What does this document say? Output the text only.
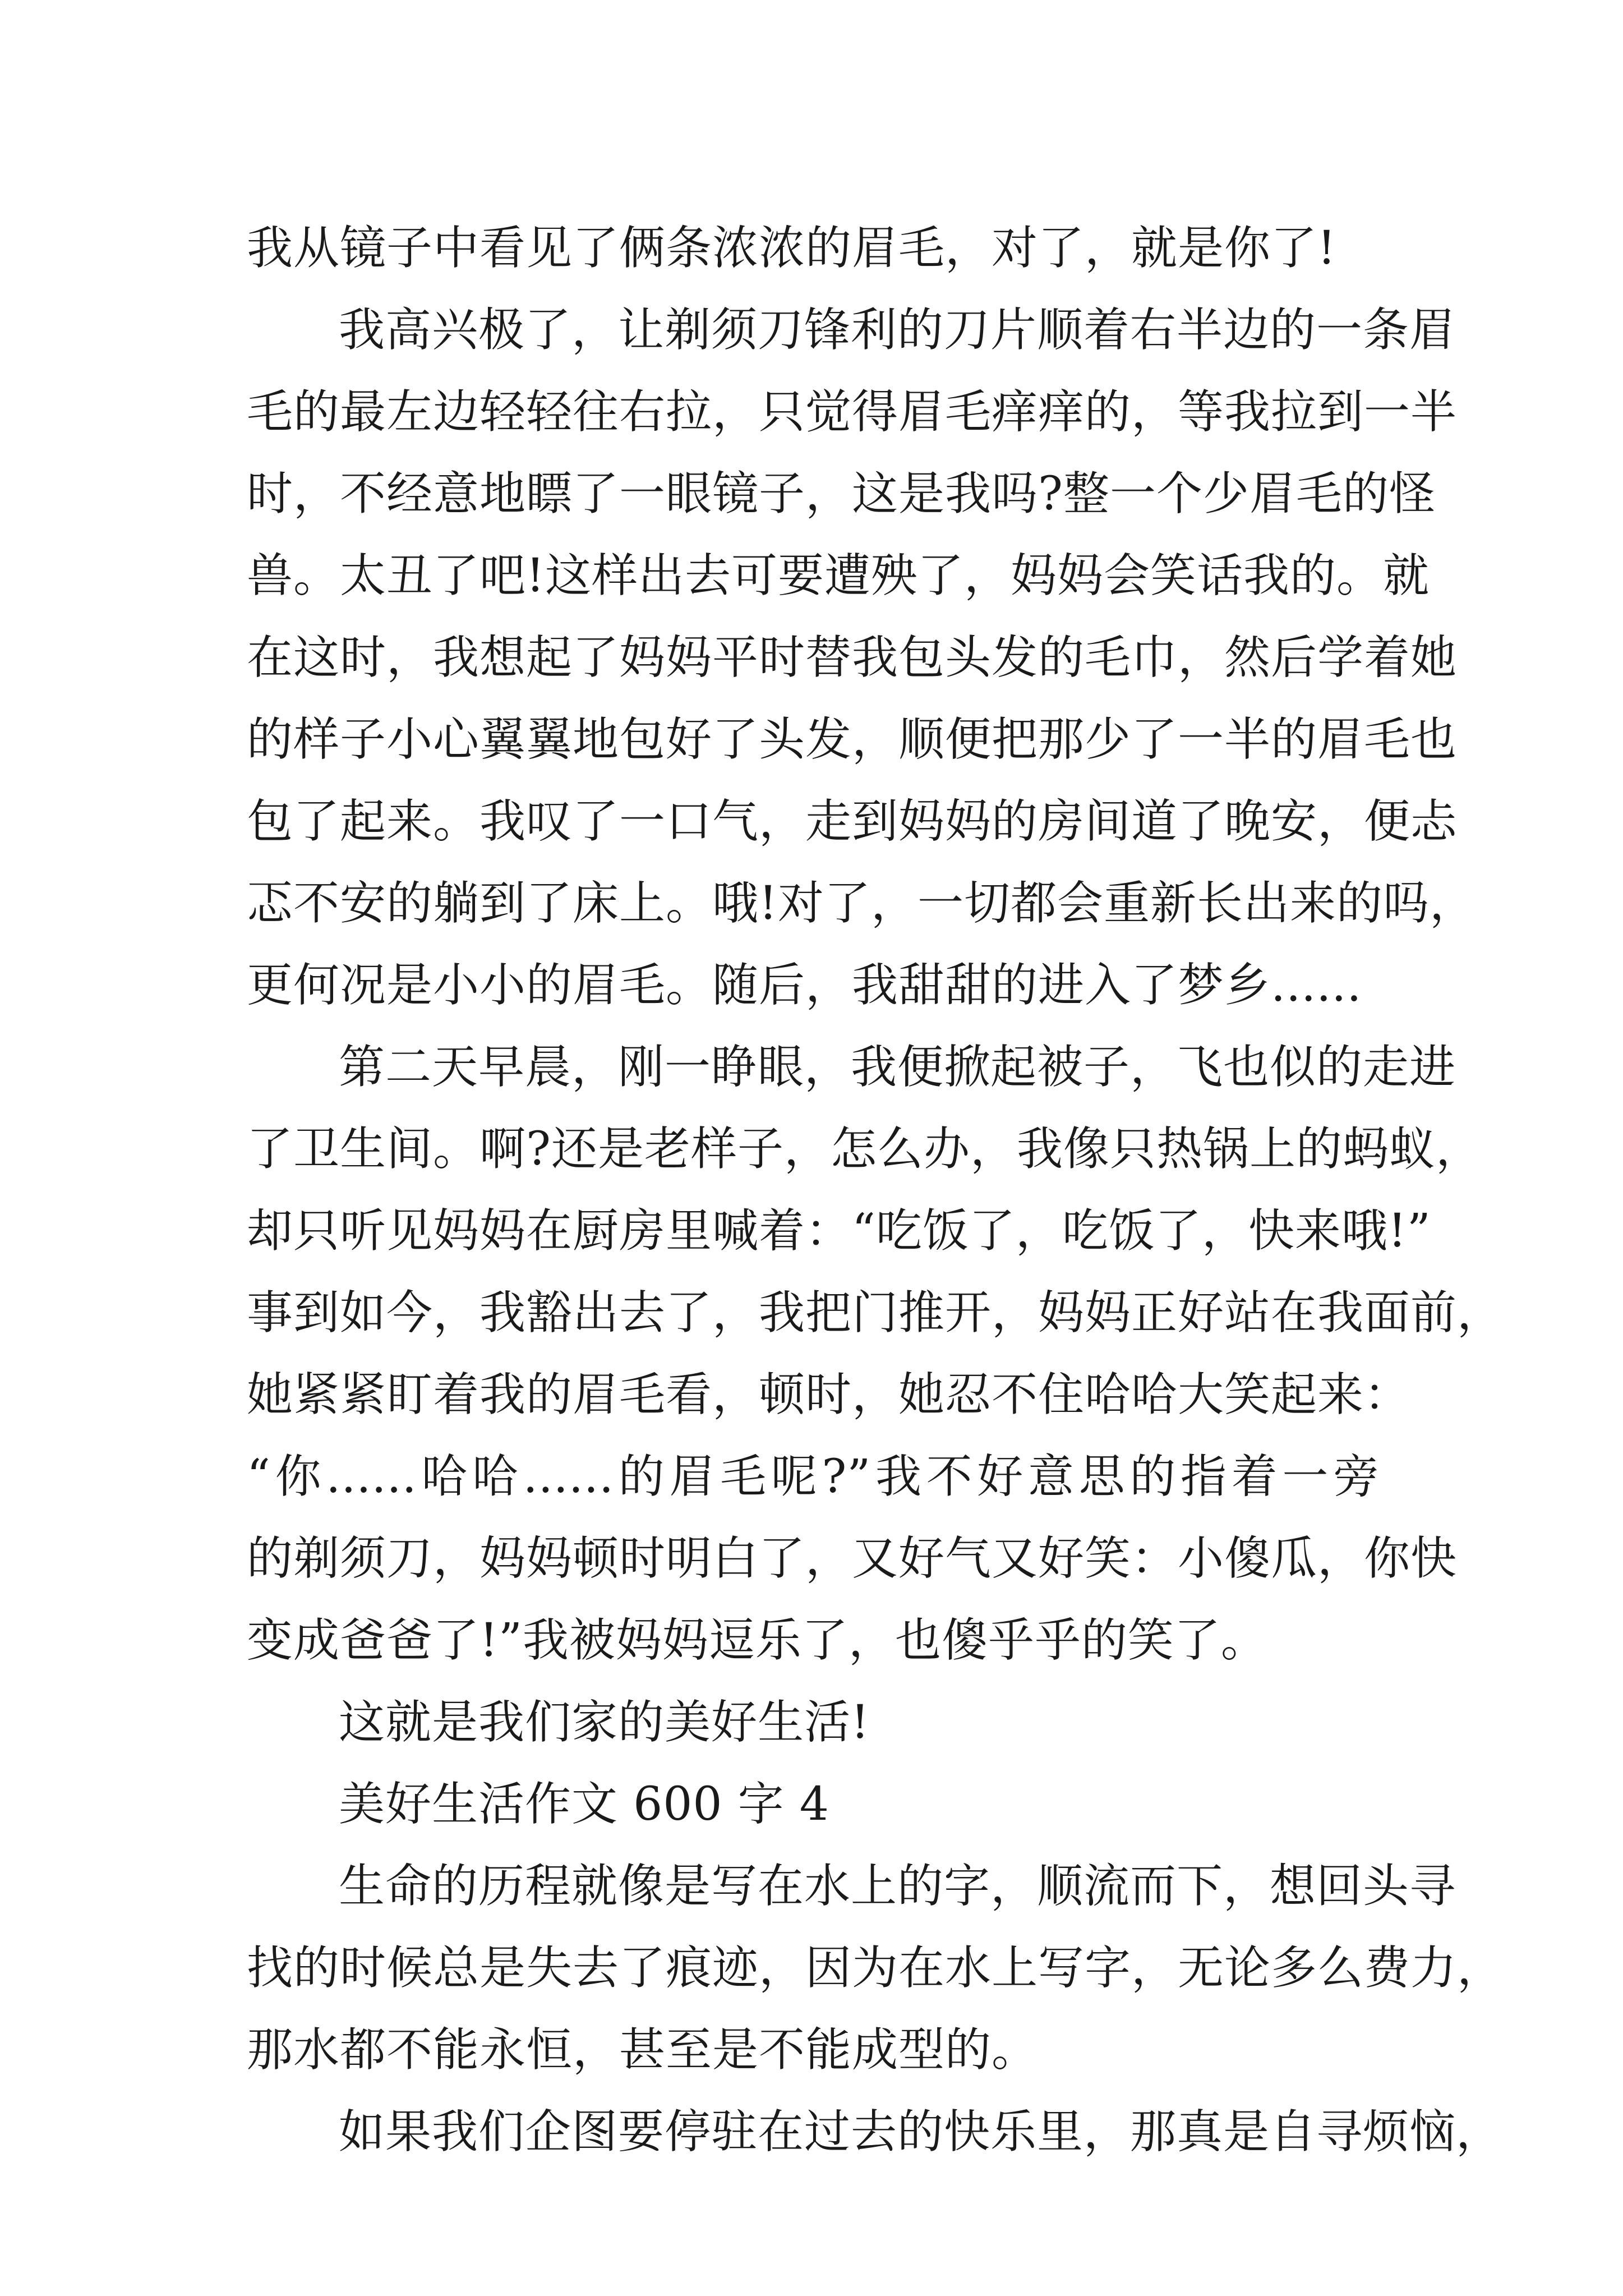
我从镜子中看见了俩条浓浓的眉毛，对了，就是你了!
我高兴极了，让剃须刀锋利的刀片顺着右半边的一条眉
毛的最左边轻轻往右拉，只觉得眉毛痒痒的，等我拉到一半
时，不经意地瞟了一眼镜子，这是我吗?整一个少眉毛的怪
兽。太丑了吧!这样出去可要遭殃了，妈妈会笑话我的。就
在这时，我想起了妈妈平时替我包头发的毛巾，然后学着她
的样子小心翼翼地包好了头发，顺便把那少了一半的眉毛也
包了起来。我叹了一口气，走到妈妈的房间道了晚安，便忐
忑不安的躺到了床上。哦!对了，一切都会重新长出来的吗，
更何况是小小的眉毛。随后，我甜甜的进入了梦乡......
第二天早晨，刚一睁眼，我便掀起被子，飞也似的走进
了卫生间。啊?还是老样子，怎么办，我像只热锅上的蚂蚁，
却只听见妈妈在厨房里喊着：“吃饭了，吃饭了，快来哦!”
事到如今，我豁出去了，我把门推开，妈妈正好站在我面前，
她紧紧盯着我的眉毛看，顿时，她忍不住哈哈大笑起来：
“你......哈哈......的眉毛呢?”我不好意思的指着一旁
的剃须刀，妈妈顿时明白了，又好气又好笑：小傻瓜，你快
变成爸爸了!”我被妈妈逗乐了，也傻乎乎的笑了。
这就是我们家的美好生活!
美好生活作文 600 字 4
生命的历程就像是写在水上的字，顺流而下，想回头寻
找的时候总是失去了痕迹，因为在水上写字，无论多么费力，
那水都不能永恒，甚至是不能成型的。
如果我们企图要停驻在过去的快乐里，那真是自寻烦恼，
